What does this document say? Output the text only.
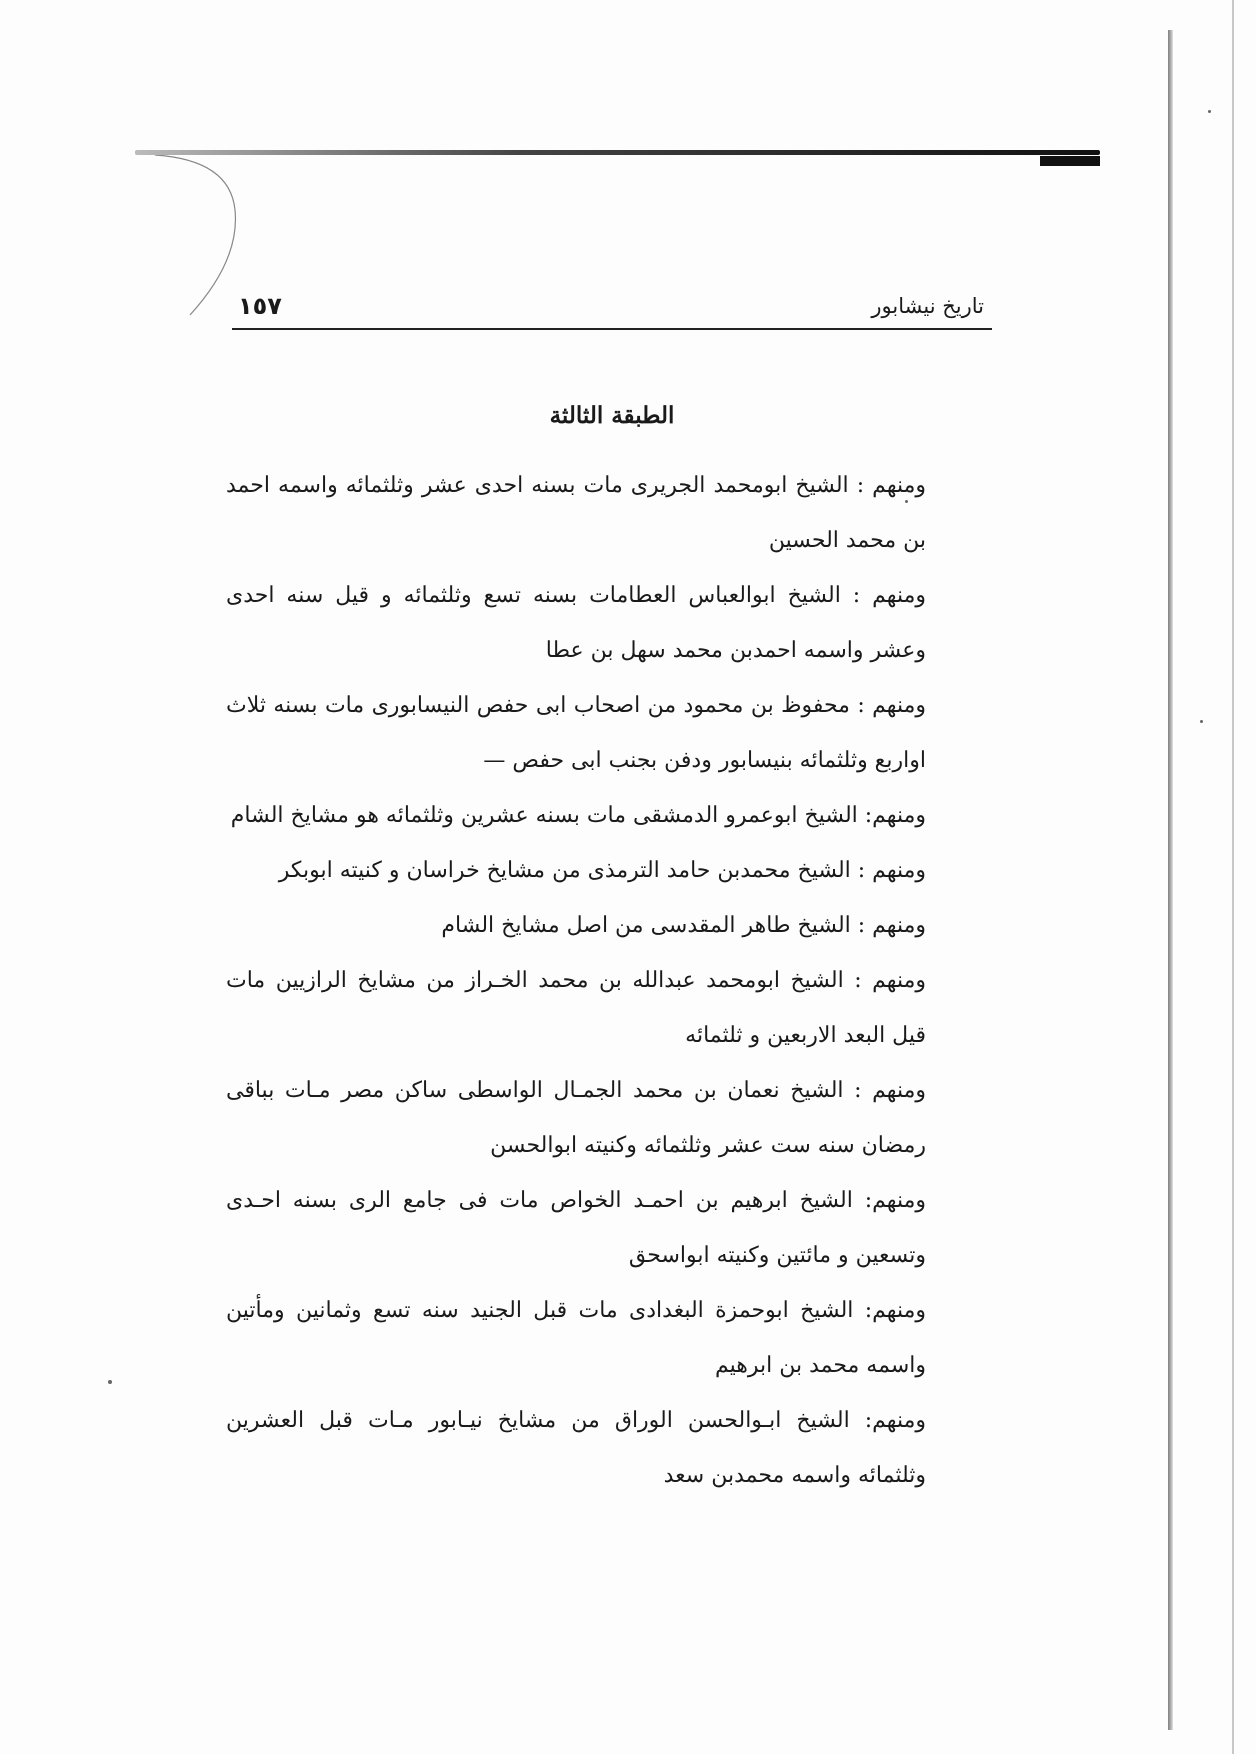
١٥٧	تاریخ نیشابور
الطبقة الثالثة

ومنهم : الشيخ ابومحمد الجريری مات بسنه احدی عشر وثلثمائه واسمه احمد بن محمد الحسين

ومنهم : الشيخ ابوالعباس العطامات بسنه تسع وثلثمائه و قيل سنه احدی وعشر واسمه احمدبن محمد سهل بن عطا

ومنهم : محفوظ بن محمود من اصحاب ابی حفص النيسابوری مات بسنه ثلاث اواربع وثلثمائه بنيسابور ودفن بجنب ابی حفص —

ومنهم: الشيخ ابوعمرو الدمشقی مات بسنه عشرين وثلثمائه هو مشايخ الشام

ومنهم : الشيخ محمدبن حامد الترمذی من مشايخ خراسان و كنيته ابوبكر

ومنهم : الشيخ طاهر المقدسی من اصل مشايخ الشام

ومنهم : الشيخ ابومحمد عبدالله بن محمد الخـراز من مشايخ الرازيين مات قيل البعد الاربعين و ثلثمائه

ومنهم : الشيخ نعمان بن محمد الجمـال الواسطی ساكن مصر مـات بباقی رمضان سنه ست عشر وثلثمائه وكنيته ابوالحسن

ومنهم: الشيخ ابرهيم بن احمـد الخواص مات فی جامع الری بسنه احـدی وتسعين و مائتين وكنيته ابواسحق

ومنهم: الشيخ ابوحمزة البغدادی مات قبل الجنيد سنه تسع وثمانين ومأتين واسمه محمد بن ابرهيم

ومنهم: الشيخ ابـوالحسن الوراق من مشايخ نيـابور مـات قبل العشرين وثلثمائه واسمه محمدبن سعد
